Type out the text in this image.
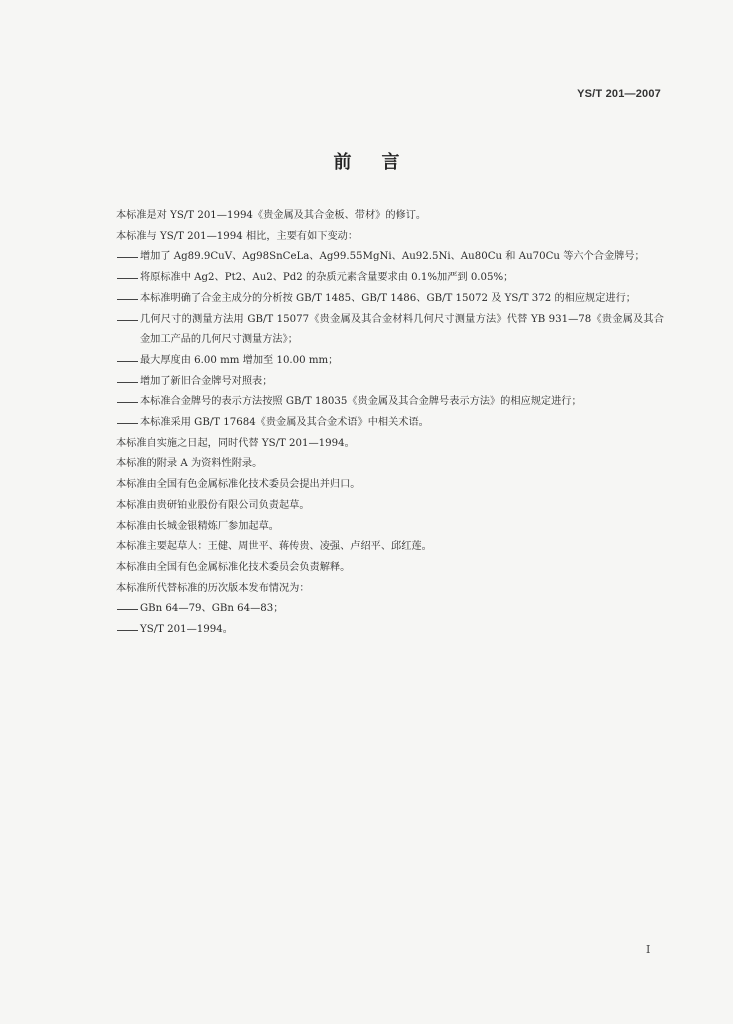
YS/T 201—2007
前言

本标准是对 YS/T 201—1994《贵金属及其合金板、带材》的修订。

本标准与 YS/T 201—1994 相比，主要有如下变动：

增加了 Ag89.9CuV、Ag98SnCeLa、Ag99.55MgNi、Au92.5Ni、Au80Cu 和 Au70Cu 等六个合金牌号；

将原标准中 Ag2、Pt2、Au2、Pd2 的杂质元素含量要求由 0.1%加严到 0.05%；

本标准明确了合金主成分的分析按 GB/T 1485、GB/T 1486、GB/T 15072 及 YS/T 372 的相应规定进行；

几何尺寸的测量方法用 GB/T 15077《贵金属及其合金材料几何尺寸测量方法》代替 YB 931—78《贵金属及其合金加工产品的几何尺寸测量方法》；

最大厚度由 6.00 mm 增加至 10.00 mm；

增加了新旧合金牌号对照表；

本标准合金牌号的表示方法按照 GB/T 18035《贵金属及其合金牌号表示方法》的相应规定进行；

本标准采用 GB/T 17684《贵金属及其合金术语》中相关术语。

本标准自实施之日起，同时代替 YS/T 201—1994。

本标准的附录 A 为资料性附录。

本标准由全国有色金属标准化技术委员会提出并归口。

本标准由贵研铂业股份有限公司负责起草。

本标准由长城金银精炼厂参加起草。

本标准主要起草人：王健、周世平、蒋传贵、凌强、卢绍平、邱红莲。

本标准由全国有色金属标准化技术委员会负责解释。

本标准所代替标准的历次版本发布情况为：

GBn 64—79、GBn 64—83；

YS/T 201—1994。

I
